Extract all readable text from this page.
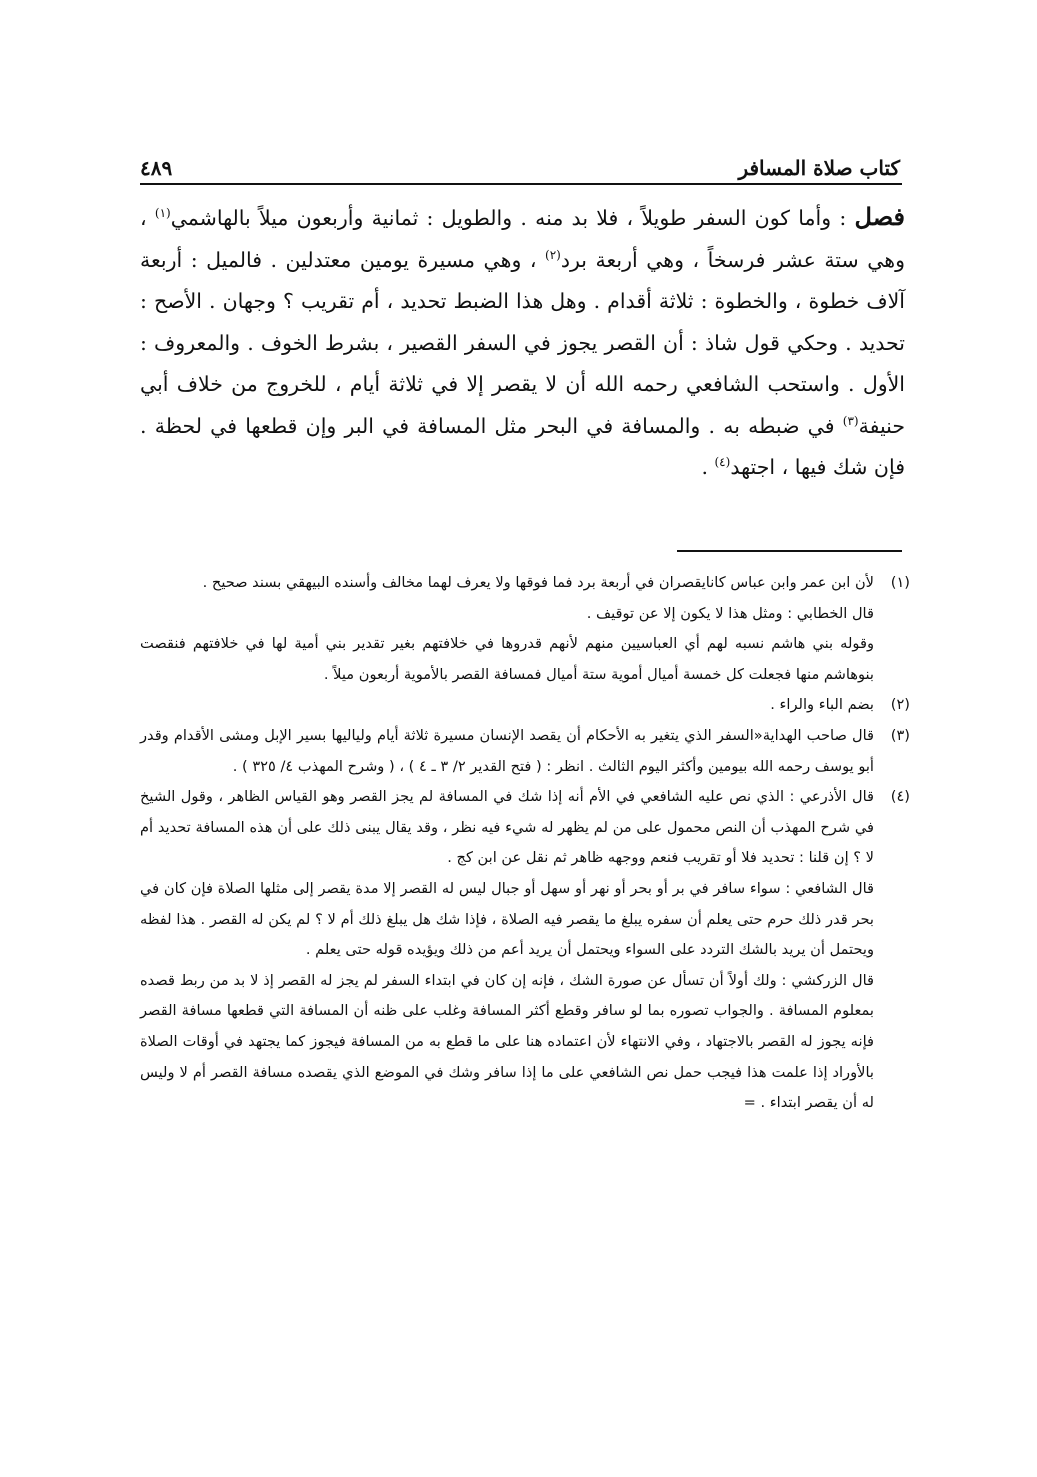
كتاب صلاة المسافر
٤٨٩

فصل : وأما كون السفر طويلاً ، فلا بد منه . والطويل : ثمانية وأربعون ميلاً بالهاشمي$^{(١)}$ ، وهي ستة عشر فرسخاً ، وهي أربعة برد$^{(٢)}$ ، وهي مسيرة يومين معتدلين . فالميل : أربعة آلاف خطوة ، والخطوة : ثلاثة أقدام . وهل هذا الضبط تحديد ، أم تقريب ؟ وجهان . الأصح : تحديد . وحكي قول شاذ : أن القصر يجوز في السفر القصير ، بشرط الخوف . والمعروف : الأول . واستحب الشافعي رحمه الله أن لا يقصر إلا في ثلاثة أيام ، للخروج من خلاف أبي حنيفة$^{(٣)}$ في ضبطه به . والمسافة في البحر مثل المسافة في البر وإن قطعها في لحظة . فإن شك فيها ، اجتهد$^{(٤)}$ .

(١)

لأن ابن عمر وابن عباس كانايقصران في أربعة برد فما فوقها ولا يعرف لهما مخالف وأسنده البيهقي بسند صحيح .

قال الخطابي : ومثل هذا لا يكون إلا عن توقيف .

وقوله بني هاشم نسبه لهم أي العباسيين منهم لأنهم قدروها في خلافتهم بغير تقدير بني أمية لها في خلافتهم فنقصت بنوهاشم منها فجعلت كل خمسة أميال أموية ستة أميال فمسافة القصر بالأموية أربعون ميلاً .

(٢)

بضم الباء والراء .

(٣)

قال صاحب الهداية«السفر الذي يتغير به الأحكام أن يقصد الإنسان مسيرة ثلاثة أيام ولياليها بسير الإبل ومشى الأقدام وقدر أبو يوسف رحمه الله بيومين وأكثر اليوم الثالث . انظر : ( فتح القدير ٢/ ٣ ـ ٤ ) ، ( وشرح المهذب ٤/ ٣٢٥ ) .

(٤)

قال الأذرعي : الذي نص عليه الشافعي في الأم أنه إذا شك في المسافة لم يجز القصر وهو القياس الظاهر ، وقول الشيخ في شرح المهذب أن النص محمول على من لم يظهر له شيء فيه نظر ، وقد يقال يبنى ذلك على أن هذه المسافة تحديد أم لا ؟ إن قلنا : تحديد فلا أو تقريب فنعم ووجهه ظاهر ثم نقل عن ابن كج .

قال الشافعي : سواء سافر في بر أو بحر أو نهر أو سهل أو جبال ليس له القصر إلا مدة يقصر إلى مثلها الصلاة فإن كان في بحر قدر ذلك حرم حتى يعلم أن سفره يبلغ ما يقصر فيه الصلاة ، فإذا شك هل يبلغ ذلك أم لا ؟ لم يكن له القصر . هذا لفظه ويحتمل أن يريد بالشك التردد على السواء ويحتمل أن يريد أعم من ذلك ويؤيده قوله حتى يعلم .

قال الزركشي : ولك أولاً أن تسأل عن صورة الشك ، فإنه إن كان في ابتداء السفر لم يجز له القصر إذ لا بد من ربط قصده بمعلوم المسافة . والجواب تصوره بما لو سافر وقطع أكثر المسافة وغلب على ظنه أن المسافة التي قطعها مسافة القصر فإنه يجوز له القصر بالاجتهاد ، وفي الانتهاء لأن اعتماده هنا على ما قطع به من المسافة فيجوز كما يجتهد في أوقات الصلاة بالأوراد إذا علمت هذا فيجب حمل نص الشافعي على ما إذا سافر وشك في الموضع الذي يقصده مسافة القصر أم لا وليس له أن يقصر ابتداء . =
